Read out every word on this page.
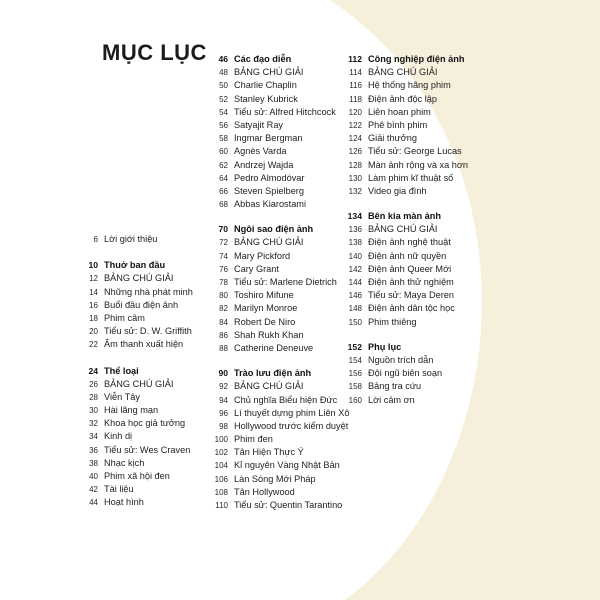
MỤC LỤC
6 Lời giới thiệu
10 Thuở ban đầu
12 BẢNG CHÚ GIẢI
14 Những nhà phát minh
16 Buổi đầu điện ảnh
18 Phim câm
20 Tiểu sử: D. W. Griffith
22 Âm thanh xuất hiện
24 Thể loại
26 BẢNG CHÚ GIẢI
28 Viễn Tây
30 Hài lãng mạn
32 Khoa học giả tưởng
34 Kinh dị
36 Tiểu sử: Wes Craven
38 Nhạc kịch
40 Phim xã hội đen
42 Tài liệu
44 Hoạt hình
46 Các đạo diễn
48 BẢNG CHÚ GIẢI
50 Charlie Chaplin
52 Stanley Kubrick
54 Tiểu sử: Alfred Hitchcock
56 Satyajit Ray
58 Ingmar Bergman
60 Agnès Varda
62 Andrzej Wajda
64 Pedro Almodóvar
66 Steven Spielberg
68 Abbas Kiarostami
70 Ngôi sao điện ảnh
72 BẢNG CHÚ GIẢI
74 Mary Pickford
76 Cary Grant
78 Tiểu sử: Marlene Dietrich
80 Toshiro Mifune
82 Marilyn Monroe
84 Robert De Niro
86 Shah Rukh Khan
88 Catherine Deneuve
90 Trào lưu điện ảnh
92 BẢNG CHÚ GIẢI
94 Chủ nghĩa Biểu hiện Đức
96 Lí thuyết dựng phim Liên Xô
98 Hollywood trước kiểm duyệt
100 Phim đen
102 Tân Hiện Thực Ý
104 Kỉ nguyên Vàng Nhật Bản
106 Làn Sóng Mới Pháp
108 Tân Hollywood
110 Tiểu sử: Quentin Tarantino
112 Công nghiệp điện ảnh
114 BẢNG CHÚ GIẢI
116 Hệ thống hãng phim
118 Điện ảnh độc lập
120 Liên hoan phim
122 Phê bình phim
124 Giải thưởng
126 Tiểu sử: George Lucas
128 Màn ảnh rộng và xa hơn
130 Làm phim kĩ thuật số
132 Video gia đình
134 Bên kia màn ảnh
136 BẢNG CHÚ GIẢI
138 Điện ảnh nghệ thuật
140 Điện ảnh nữ quyền
142 Điện ảnh Queer Mới
144 Điện ảnh thử nghiệm
146 Tiểu sử: Maya Deren
148 Điện ảnh dân tộc học
150 Phim thiêng
152 Phụ lục
154 Nguồn trích dẫn
156 Đội ngũ biên soạn
158 Bảng tra cứu
160 Lời cảm ơn
